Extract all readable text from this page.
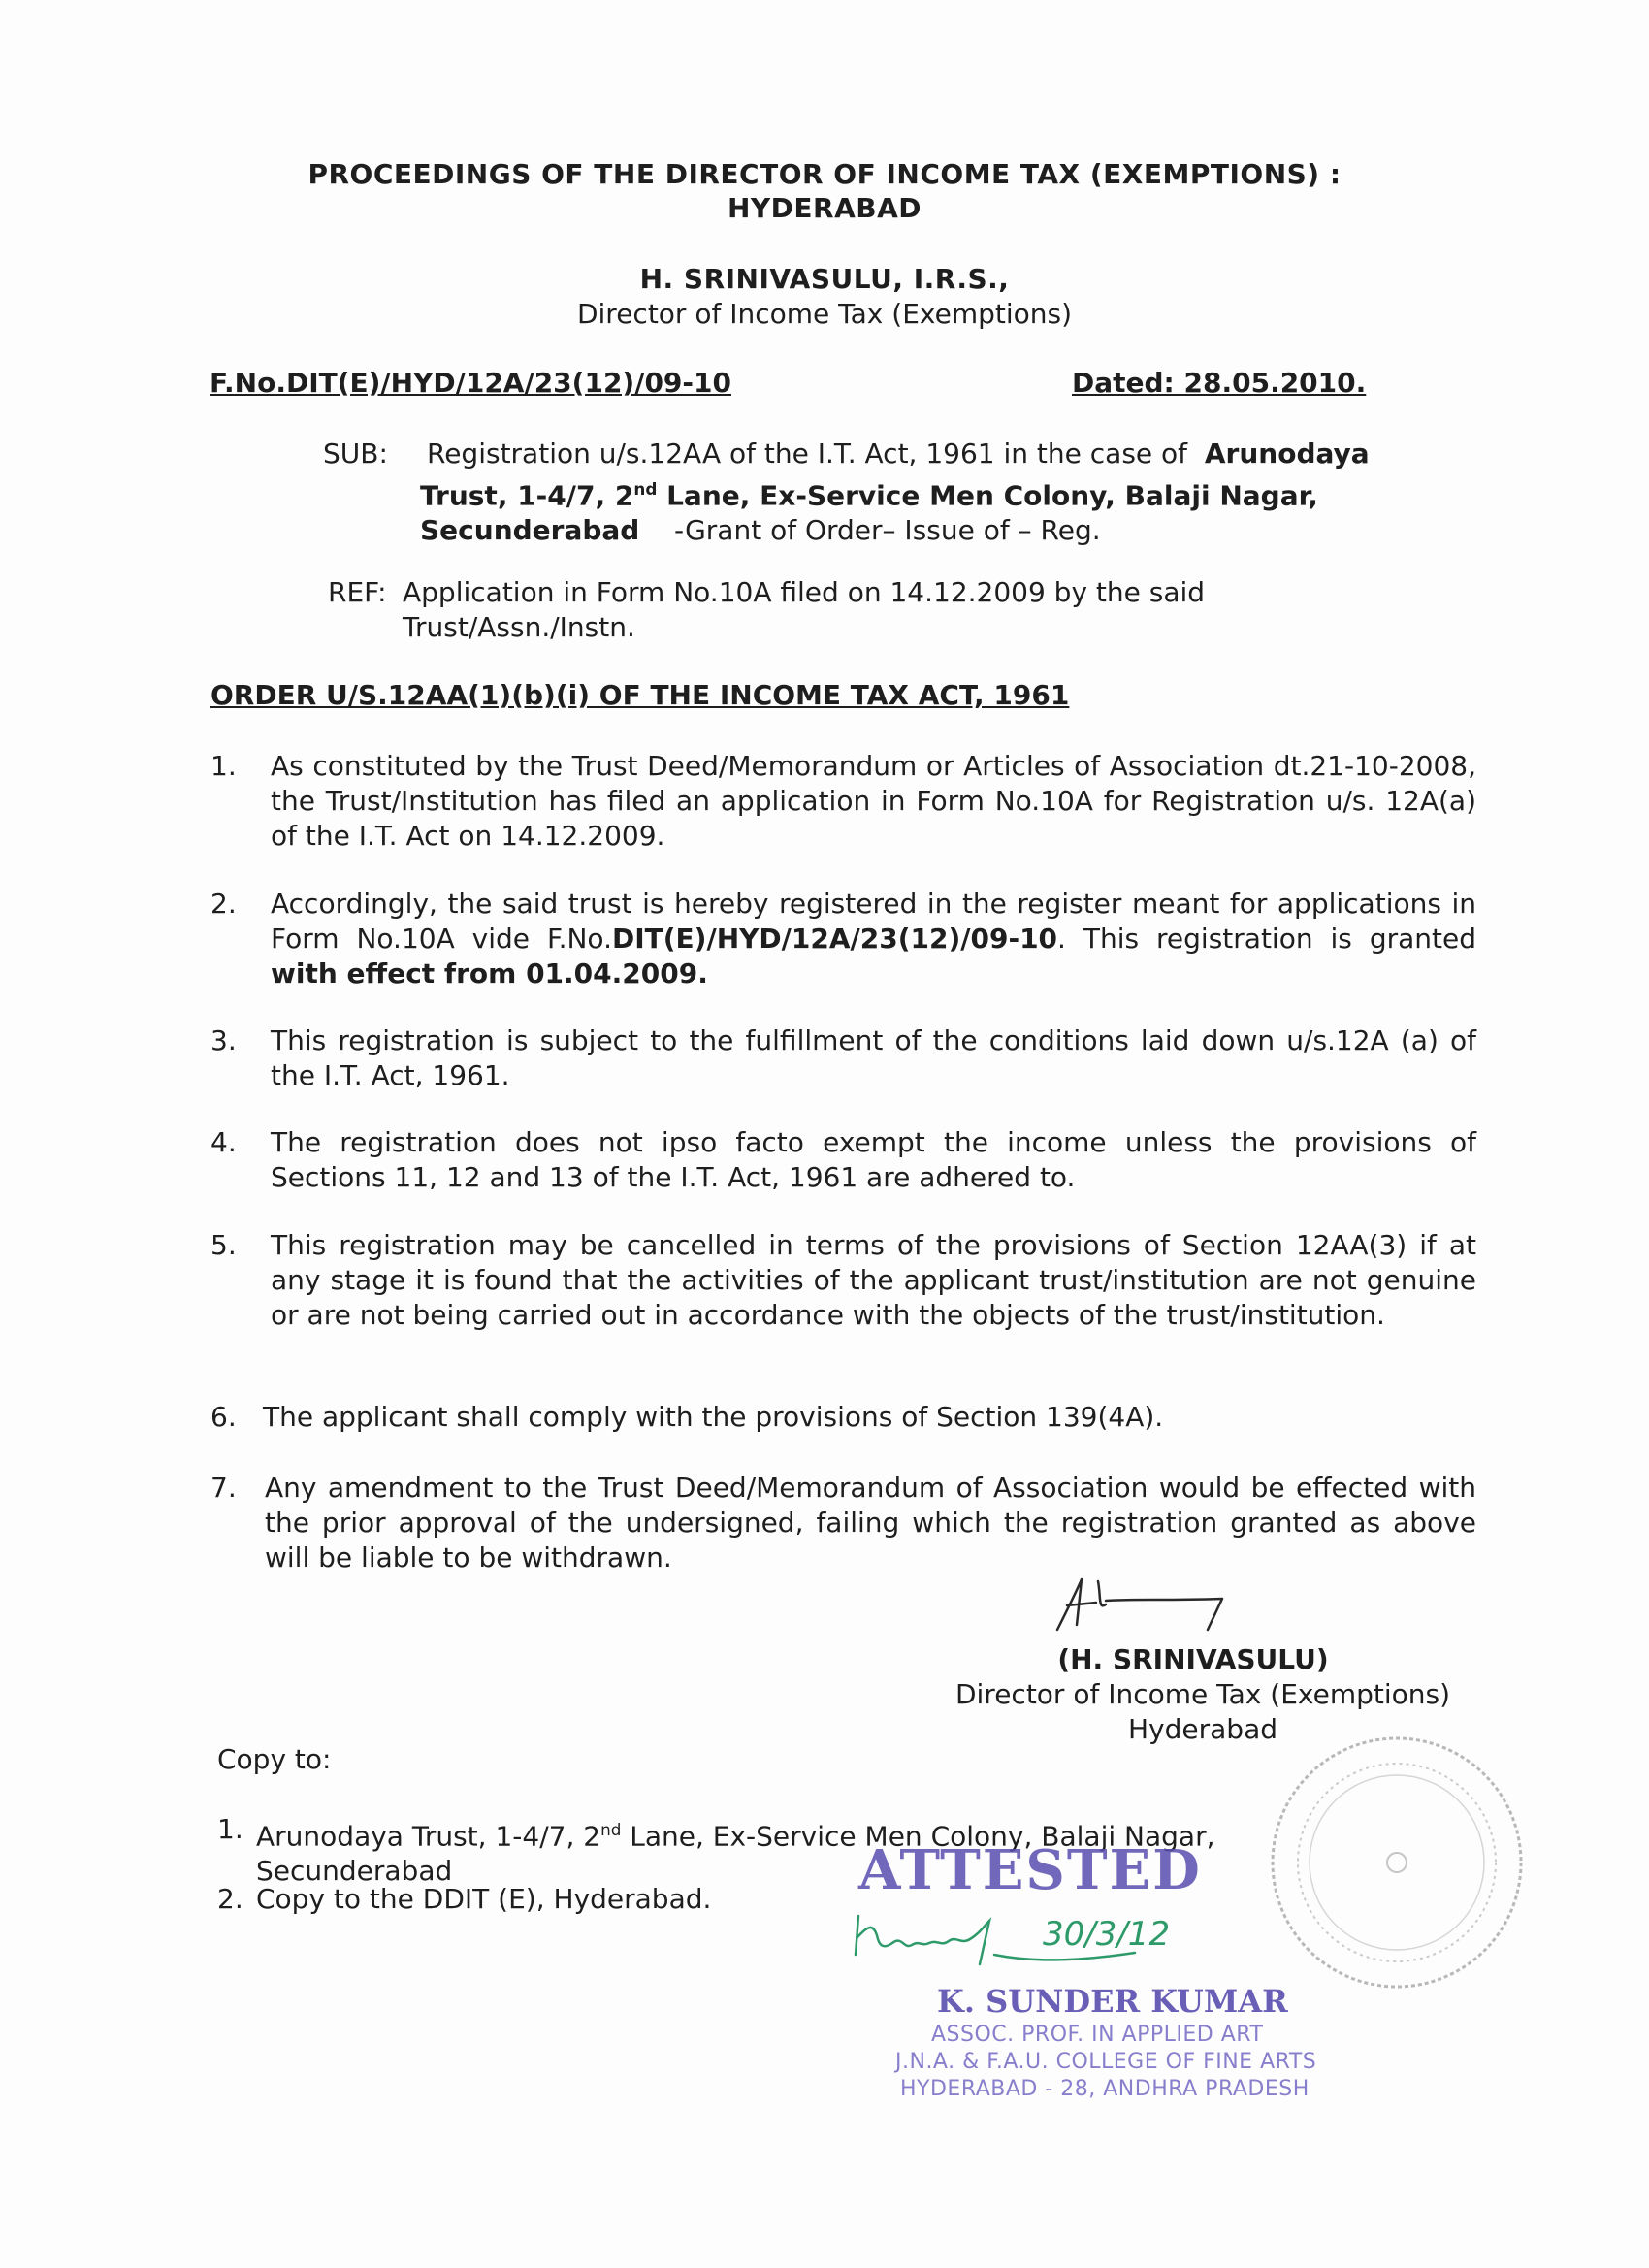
PROCEEDINGS OF THE DIRECTOR OF INCOME TAX (EXEMPTIONS) :
HYDERABAD
H. SRINIVASULU, I.R.S.,
Director of Income Tax (Exemptions)
F.No.DIT(E)/HYD/12A/23(12)/09-10	Dated: 28.05.2010.
SUB: Registration u/s.12AA of the I.T. Act, 1961 in the case of Arunodaya
Trust, 1-4/7, 2nd Lane, Ex-Service Men Colony, Balaji Nagar,
Secunderabad -Grant of Order– Issue of – Reg.
REF: Application in Form No.10A filed on 14.12.2009 by the said
Trust/Assn./Instn.
ORDER U/S.12AA(1)(b)(i) OF THE INCOME TAX ACT, 1961
1. As constituted by the Trust Deed/Memorandum or Articles of Association dt.21-10-2008, the Trust/Institution has filed an application in Form No.10A for Registration u/s. 12A(a) of the I.T. Act on 14.12.2009.
2. Accordingly, the said trust is hereby registered in the register meant for applications in Form No.10A vide F.No.DIT(E)/HYD/12A/23(12)/09-10. This registration is granted with effect from 01.04.2009.
3. This registration is subject to the fulfillment of the conditions laid down u/s.12A (a) of the I.T. Act, 1961.
4. The registration does not ipso facto exempt the income unless the provisions of Sections 11, 12 and 13 of the I.T. Act, 1961 are adhered to.
5. This registration may be cancelled in terms of the provisions of Section 12AA(3) if at any stage it is found that the activities of the applicant trust/institution are not genuine or are not being carried out in accordance with the objects of the trust/institution.
6. The applicant shall comply with the provisions of Section 139(4A).
7. Any amendment to the Trust Deed/Memorandum of Association would be effected with the prior approval of the undersigned, failing which the registration granted as above will be liable to be withdrawn.
(H. SRINIVASULU)
Director of Income Tax (Exemptions)
Hyderabad
Copy to:
1. Arunodaya Trust, 1-4/7, 2nd Lane, Ex-Service Men Colony, Balaji Nagar,
Secunderabad
2. Copy to the DDIT (E), Hyderabad.	ATTESTED
30/3/12
K. SUNDER KUMAR
ASSOC. PROF. IN APPLIED ART
J.N.A. & F.A.U. COLLEGE OF FINE ARTS
HYDERABAD - 28, ANDHRA PRADESH
